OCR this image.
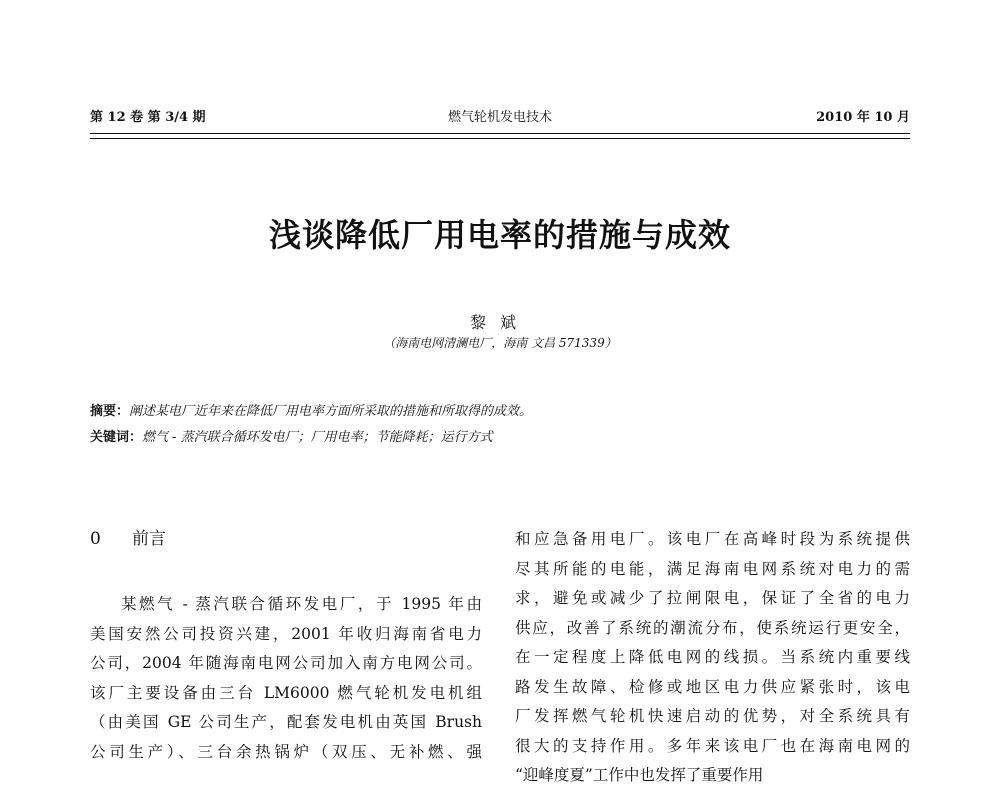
第 12 卷 第 3/4 期	燃气轮机发电技术	2010 年 10 月
浅谈降低厂用电率的措施与成效
黎斌
（海南电网清澜电厂，海南 文昌 571339）
摘要：阐述某电厂近年来在降低厂用电率方面所采取的措施和所取得的成效。
关键词：燃气 - 蒸汽联合循环发电厂；厂用电率；节能降耗；运行方式
0 前言
某燃气 - 蒸汽联合循环发电厂，于 1995 年由
美国安然公司投资兴建，2001 年收归海南省电力
公司，2004 年随海南电网公司加入南方电网公司。
该厂主要设备由三台 LM6000 燃气轮机发电机组
（由美国 GE 公司生产，配套发电机由英国 Brush
公司生产）、三台余热锅炉（双压、无补燃、强
和应急备用电厂。该电厂在高峰时段为系统提供
尽其所能的电能，满足海南电网系统对电力的需
求，避免或减少了拉闸限电，保证了全省的电力
供应，改善了系统的潮流分布，使系统运行更安全，
在一定程度上降低电网的线损。当系统内重要线
路发生故障、检修或地区电力供应紧张时，该电
厂发挥燃气轮机快速启动的优势，对全系统具有
很大的支持作用。多年来该电厂也在海南电网的
“迎峰度夏”工作中也发挥了重要作用
